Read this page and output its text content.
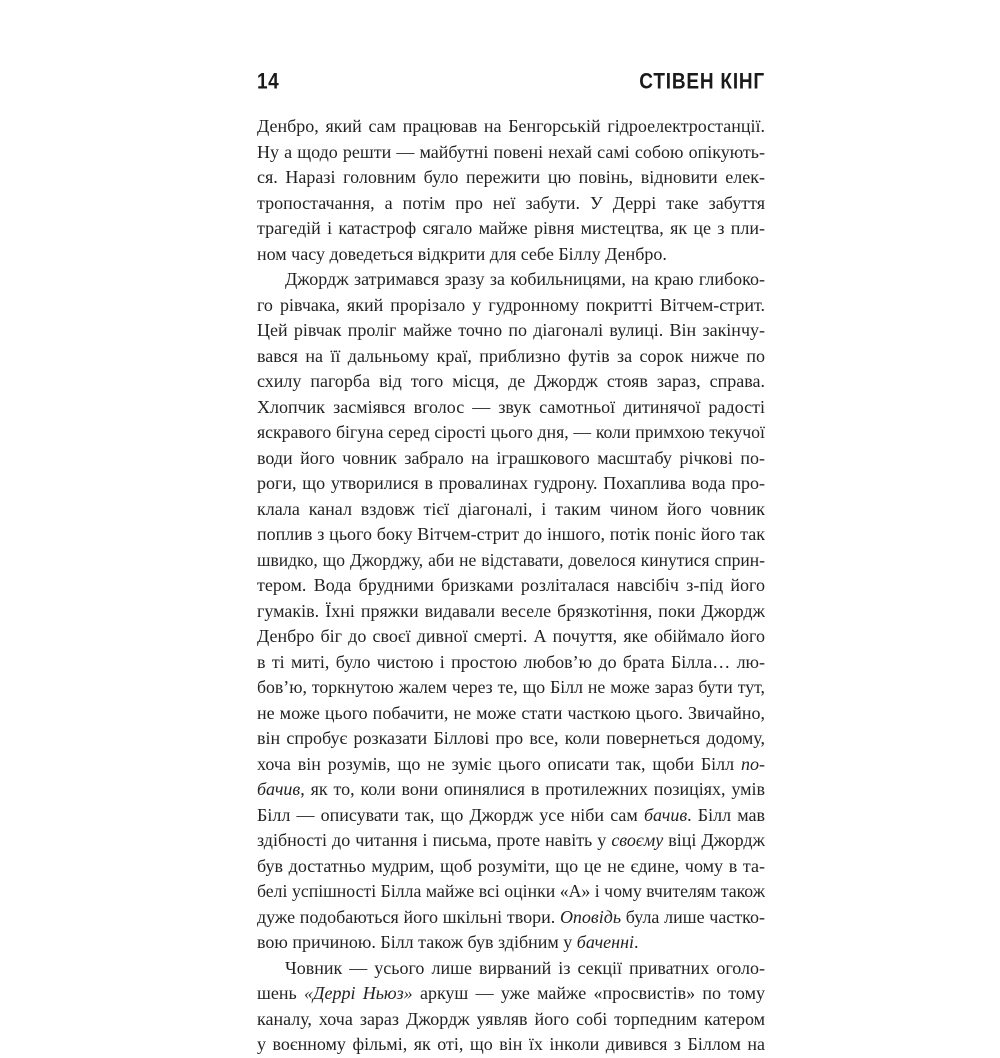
14	СТІВЕН КІНГ
Денбро, який сам працював на Бенгорській гідроелектростанції.
Ну а щодо решти — майбутні повені нехай самі собою опікують-
ся. Наразі головним було пережити цю повінь, відновити елек-
тропостачання, а потім про неї забути. У Деррі таке забуття
трагедій і катастроф сягало майже рівня мистецтва, як це з пли-
ном часу доведеться відкрити для себе Біллу Денбро.
Джордж затримався зразу за кобильницями, на краю глибоко-
го рівчака, який прорізало у гудронному покритті Вітчем-стрит.
Цей рівчак проліг майже точно по діагоналі вулиці. Він закінчу-
вався на її дальньому краї, приблизно футів за сорок нижче по
схилу пагорба від того місця, де Джордж стояв зараз, справа.
Хлопчик засміявся вголос — звук самотньої дитинячої радості
яскравого бігуна серед сірості цього дня, — коли примхою текучої
води його човник забрало на іграшкового масштабу річкові по-
роги, що утворилися в провалинах гудрону. Похаплива вода про-
клала канал вздовж тієї діагоналі, і таким чином його човник
поплив з цього боку Вітчем-стрит до іншого, потік поніс його так
швидко, що Джорджу, аби не відставати, довелося кинутися сприн-
тером. Вода брудними бризками розліталася навсібіч з-під його
гумаків. Їхні пряжки видавали веселе брязкотіння, поки Джордж
Денбро біг до своєї дивної смерті. А почуття, яке обіймало його
в ті миті, було чистою і простою любов’ю до брата Білла… лю-
бов’ю, торкнутою жалем через те, що Білл не може зараз бути тут,
не може цього побачити, не може стати часткою цього. Звичайно,
він спробує розказати Біллові про все, коли повернеться додому,
хоча він розумів, що не зуміє цього описати так, щоби Білл по-
бачив, як то, коли вони опинялися в протилежних позиціях, умів
Білл — описувати так, що Джордж усе ніби сам бачив. Білл мав
здібності до читання і письма, проте навіть у своєму віці Джордж
був достатньо мудрим, щоб розуміти, що це не єдине, чому в та-
белі успішності Білла майже всі оцінки «А» і чому вчителям також
дуже подобаються його шкільні твори. Оповідь була лише частко-
вою причиною. Білл також був здібним у баченні.
Човник — усього лише вирваний із секції приватних оголо-
шень «Деррі Ньюз» аркуш — уже майже «просвистів» по тому
каналу, хоча зараз Джордж уявляв його собі торпедним катером
у воєнному фільмі, як оті, що він їх інколи дивився з Біллом на
